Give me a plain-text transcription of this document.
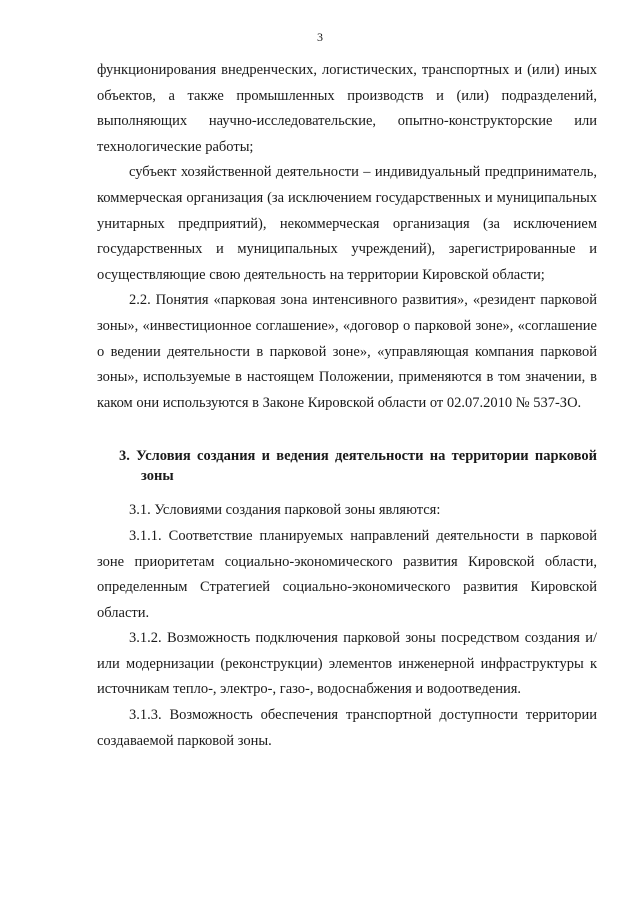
3

функционирования внедренческих, логистических, транспортных и (или) иных объектов, а также промышленных производств и (или) подразделений, выполняющих научно-исследовательские, опытно-конструкторские или технологические работы;

субъект хозяйственной деятельности – индивидуальный предприниматель, коммерческая организация (за исключением государственных и муниципальных унитарных предприятий), некоммерческая организация (за исключением государственных и муниципальных учреждений), зарегистрированные и осуществляющие свою деятельность на территории Кировской области;

2.2. Понятия «парковая зона интенсивного развития», «резидент парковой зоны», «инвестиционное соглашение», «договор о парковой зоне», «соглашение о ведении деятельности в парковой зоне», «управляющая компания парковой зоны», используемые в настоящем Положении, применяются в том значении, в каком они используются в Законе Кировской области от 02.07.2010 № 537-ЗО.

3. Условия создания и ведения деятельности на территории парковой зоны

3.1. Условиями создания парковой зоны являются:

3.1.1. Соответствие планируемых направлений деятельности в парковой зоне приоритетам социально-экономического развития Кировской области, определенным Стратегией социально-экономического развития Кировской области.

3.1.2. Возможность подключения парковой зоны посредством создания и/или модернизации (реконструкции) элементов инженерной инфраструктуры к источникам тепло-, электро-, газо-, водоснабжения и водоотведения.

3.1.3. Возможность обеспечения транспортной доступности территории создаваемой парковой зоны.
